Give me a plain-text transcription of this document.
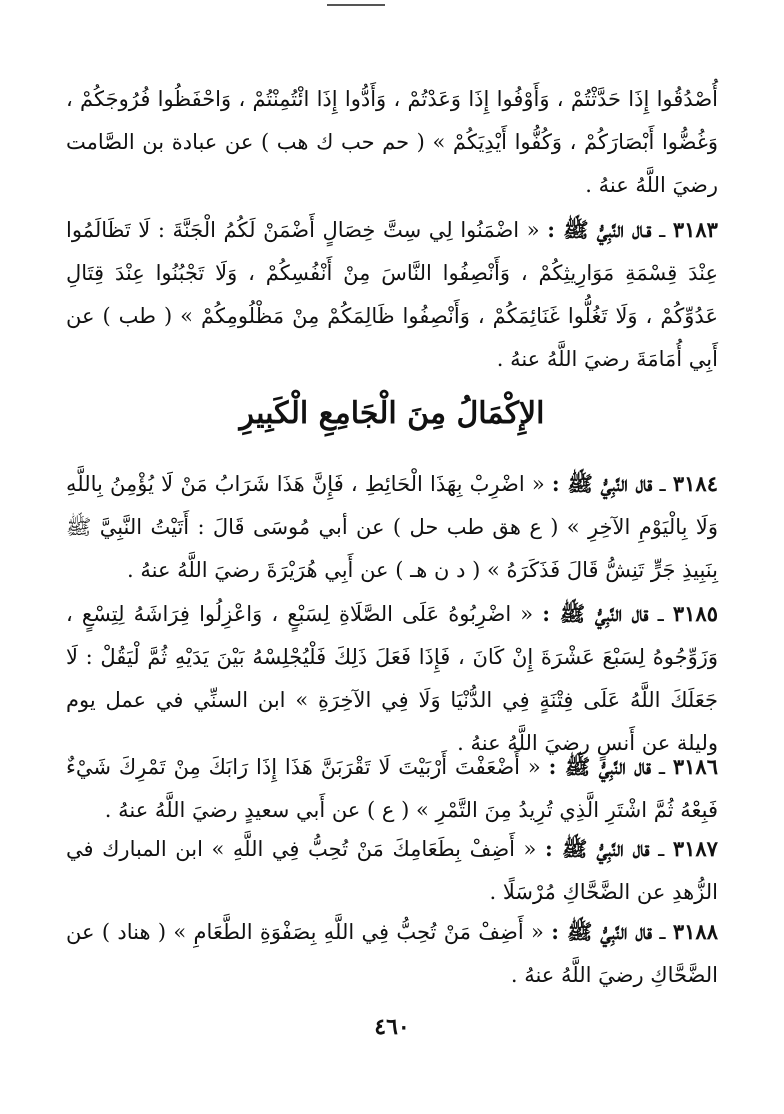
أُصْدُقُوا إِذَا حَدَّثْتُمْ ، وَأَوْفُوا إِذَا وَعَدْتُمْ ، وَأَدُّوا إِذَا ائْتُمِنْتُمْ ، وَاحْفَظُوا فُرُوجَكُمْ ، وَغُضُّوا أَبْصَارَكُمْ ، وَكُفُّوا أَيْدِيَكُمْ » ( حم حب ك هب ) عن عبادة بن الصَّامت رضيَ اللَّهُ عنهُ .

٣١٨٣ ـ قـال النَّبِيُّ ﷺ : « اضْمَنُوا لِي سِتَّ خِصَالٍ أَضْمَنْ لَكُمُ الْجَنَّةَ : لَا تَظَالَمُوا عِنْدَ قِسْمَةِ مَوَارِيثِكُمْ ، وَأَنْصِفُوا النَّاسَ مِنْ أَنْفُسِكُمْ ، وَلَا تَجْبُنُوا عِنْدَ قِتَالِ عَدُوِّكُمْ ، وَلَا تَغُلُّوا غَنَائِمَكُمْ ، وَأَنْصِفُوا ظَالِمَكُمْ مِنْ مَظْلُومِكُمْ » ( طب ) عن أَبِي أُمَامَةَ رضيَ اللَّهُ عنهُ .

الإِكْمَالُ مِنَ الْجَامِعِ الْكَبِيرِ

٣١٨٤ ـ قال النَّبِيُّ ﷺ : « اضْرِبْ بِهَذَا الْحَائِطِ ، فَإِنَّ هَذَا شَرَابُ مَنْ لَا يُؤْمِنُ بِاللَّهِ وَلَا بِالْيَوْمِ الآخِرِ » ( ع هق طب حل ) عن أبي مُوسَى قَالَ : أَتَيْتُ النَّبِيَّ ﷺ بِنَبِيذِ جَرٍّ تَنِشُّ قَالَ فَذَكَرَهُ » ( د ن هـ ) عن أَبِي هُرَيْرَةَ رضيَ اللَّهُ عنهُ .

٣١٨٥ ـ قال النَّبِيُّ ﷺ : « اضْرِبُوهُ عَلَى الصَّلَاةِ لِسَبْعٍ ، وَاعْزِلُوا فِرَاشَهُ لِتِسْعٍ ، وَزَوِّجُوهُ لِسَبْعَ عَشْرَةَ إِنْ كَانَ ، فَإِذَا فَعَلَ ذَلِكَ فَلْيُجْلِسْهُ بَيْنَ يَدَيْهِ ثُمَّ لْيَقُلْ : لَا جَعَلَكَ اللَّهُ عَلَى فِتْنَةٍ فِي الدُّنْيَا وَلَا فِي الآخِرَةِ » ابن السنِّي في عمل يوم وليلة عن أَنسٍ رضيَ اللَّهُ عنهُ .

٣١٨٦ ـ قال النَّبِيُّ ﷺ : « أَضْعَفْتَ أَرْبَيْتَ لَا تَقْرَبَنَّ هَذَا إِذَا رَابَكَ مِنْ تَمْرِكَ شَيْءٌ فَبِعْهُ ثُمَّ اشْتَرِ الَّذِي تُرِيدُ مِنَ التَّمْرِ » ( ع ) عن أَبي سعيدٍ رضيَ اللَّهُ عنهُ .

٣١٨٧ ـ قال النَّبِيُّ ﷺ : « أَضِفْ بِطَعَامِكَ مَنْ تُحِبُّ فِي اللَّهِ » ابن المبارك في الزُّهدِ عن الضَّحَّاكِ مُرْسَلًا .

٣١٨٨ ـ قال النَّبِيُّ ﷺ : « أَضِفْ مَنْ تُحِبُّ فِي اللَّهِ بِصَفْوَةِ الطَّعَامِ » ( هناد ) عن الضَّحَّاكِ رضيَ اللَّهُ عنهُ .

٤٦٠
